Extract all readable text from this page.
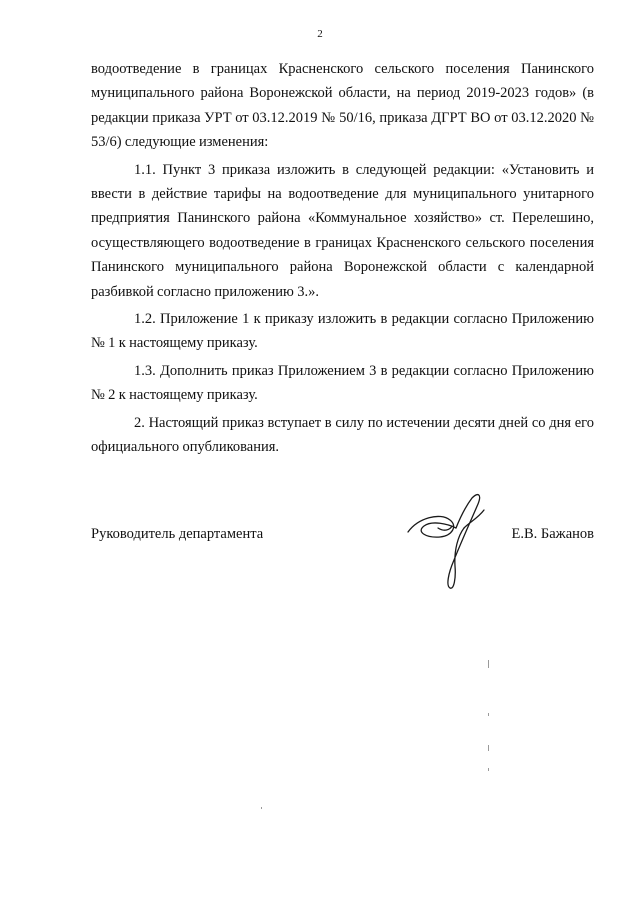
2

водоотведение в границах Красненского сельского поселения Панинского муниципального района Воронежской области, на период 2019-2023 годов» (в редакции приказа УРТ от 03.12.2019 № 50/16, приказа ДГРТ ВО от 03.12.2020 № 53/6) следующие изменения:

1.1. Пункт 3 приказа изложить в следующей редакции: «Установить и ввести в действие тарифы на водоотведение для муниципального унитарного предприятия Панинского района «Коммунальное хозяйство» ст. Перелешино, осуществляющего водоотведение в границах Красненского сельского поселения Панинского муниципального района Воронежской области с календарной разбивкой согласно приложению 3.».

1.2. Приложение 1 к приказу изложить в редакции согласно Приложению № 1 к настоящему приказу.

1.3. Дополнить приказ Приложением 3 в редакции согласно Приложению № 2 к настоящему приказу.

2. Настоящий приказ вступает в силу по истечении десяти дней со дня его официального опубликования.

Руководитель департамента	Е.В. Бажанов
